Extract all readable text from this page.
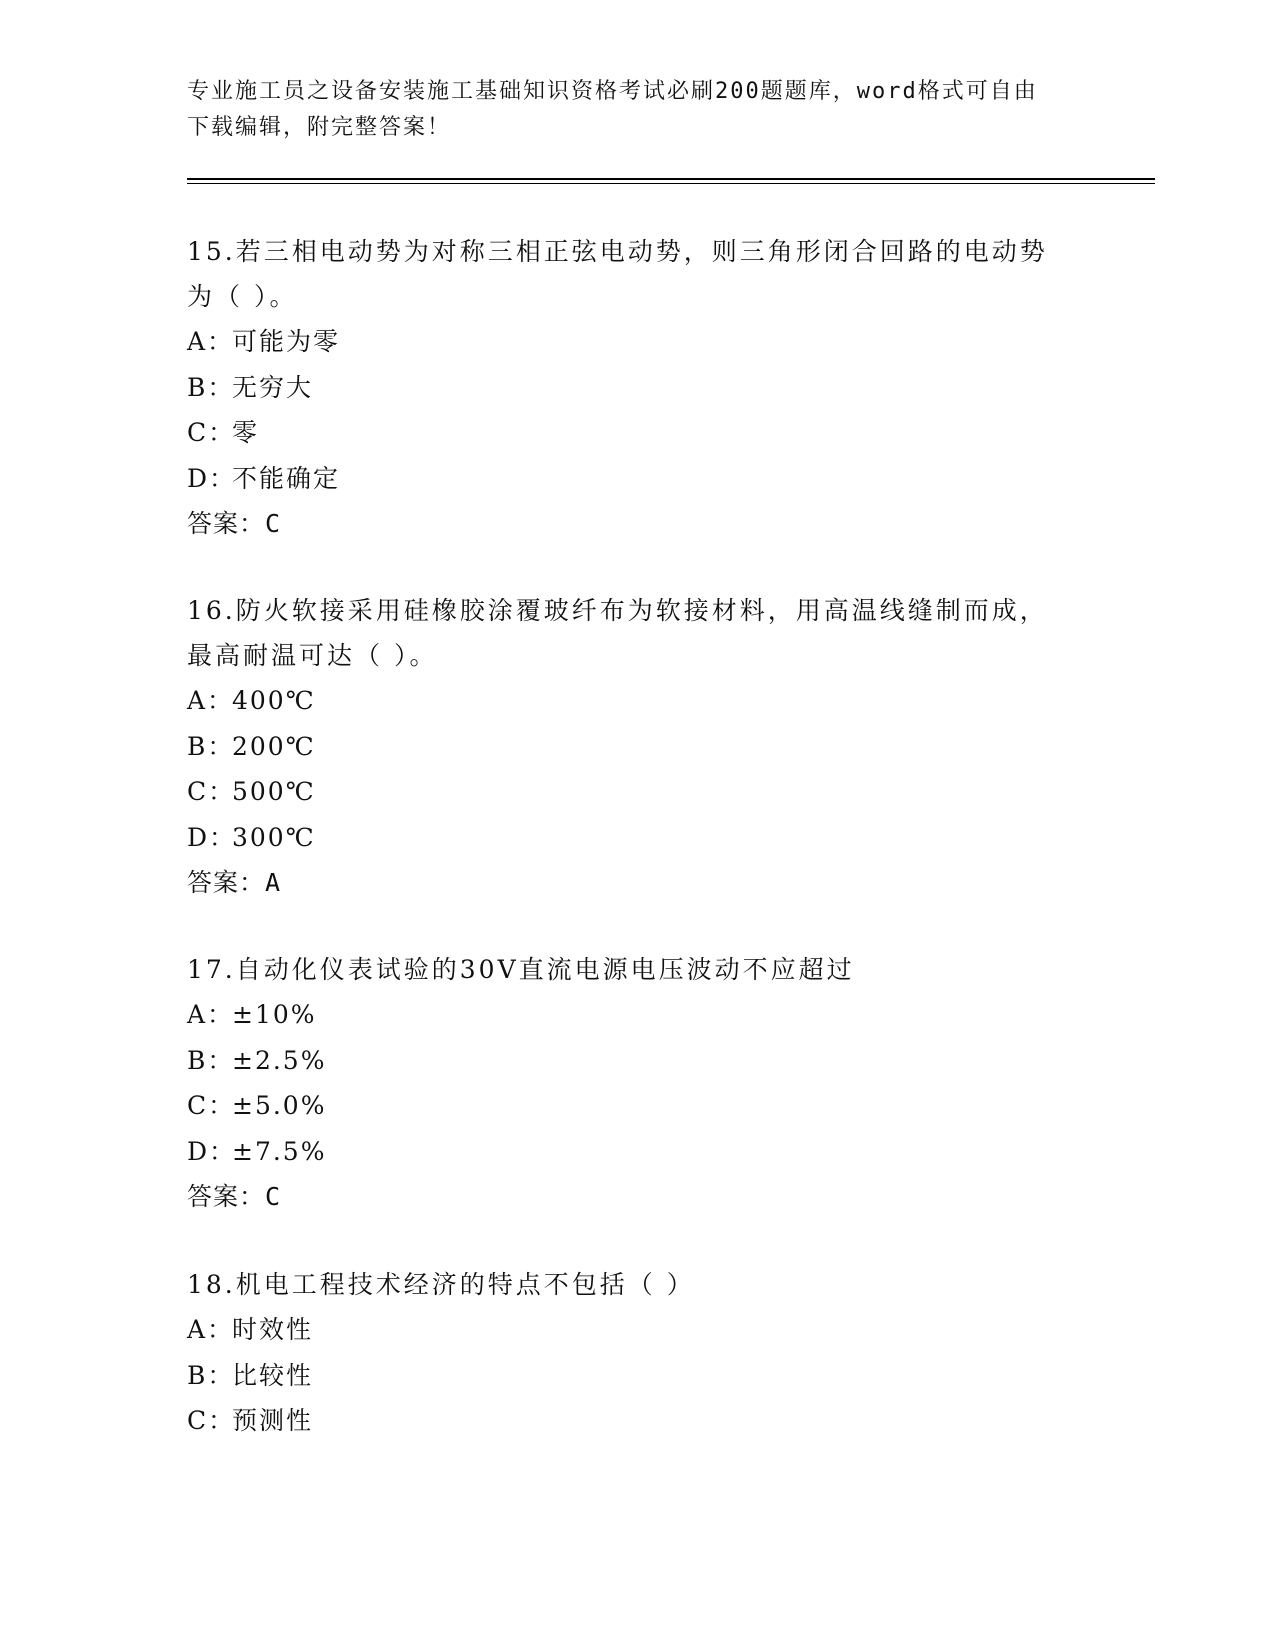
专业施工员之设备安装施工基础知识资格考试必刷200题题库，word格式可自由
下载编辑，附完整答案！

15.若三相电动势为对称三相正弦电动势，则三角形闭合回路的电动势
为（ ）。

A：可能为零

B：无穷大

C：零

D：不能确定

答案：C

16.防火软接采用硅橡胶涂覆玻纤布为软接材料，用高温线缝制而成，
最高耐温可达（ ）。

A：400℃

B：200℃

C：500℃

D：300℃

答案：A

17.自动化仪表试验的30V直流电源电压波动不应超过

A：±10%

B：±2.5%

C：±5.0%

D：±7.5%

答案：C

18.机电工程技术经济的特点不包括（ ）

A：时效性

B：比较性

C：预测性
